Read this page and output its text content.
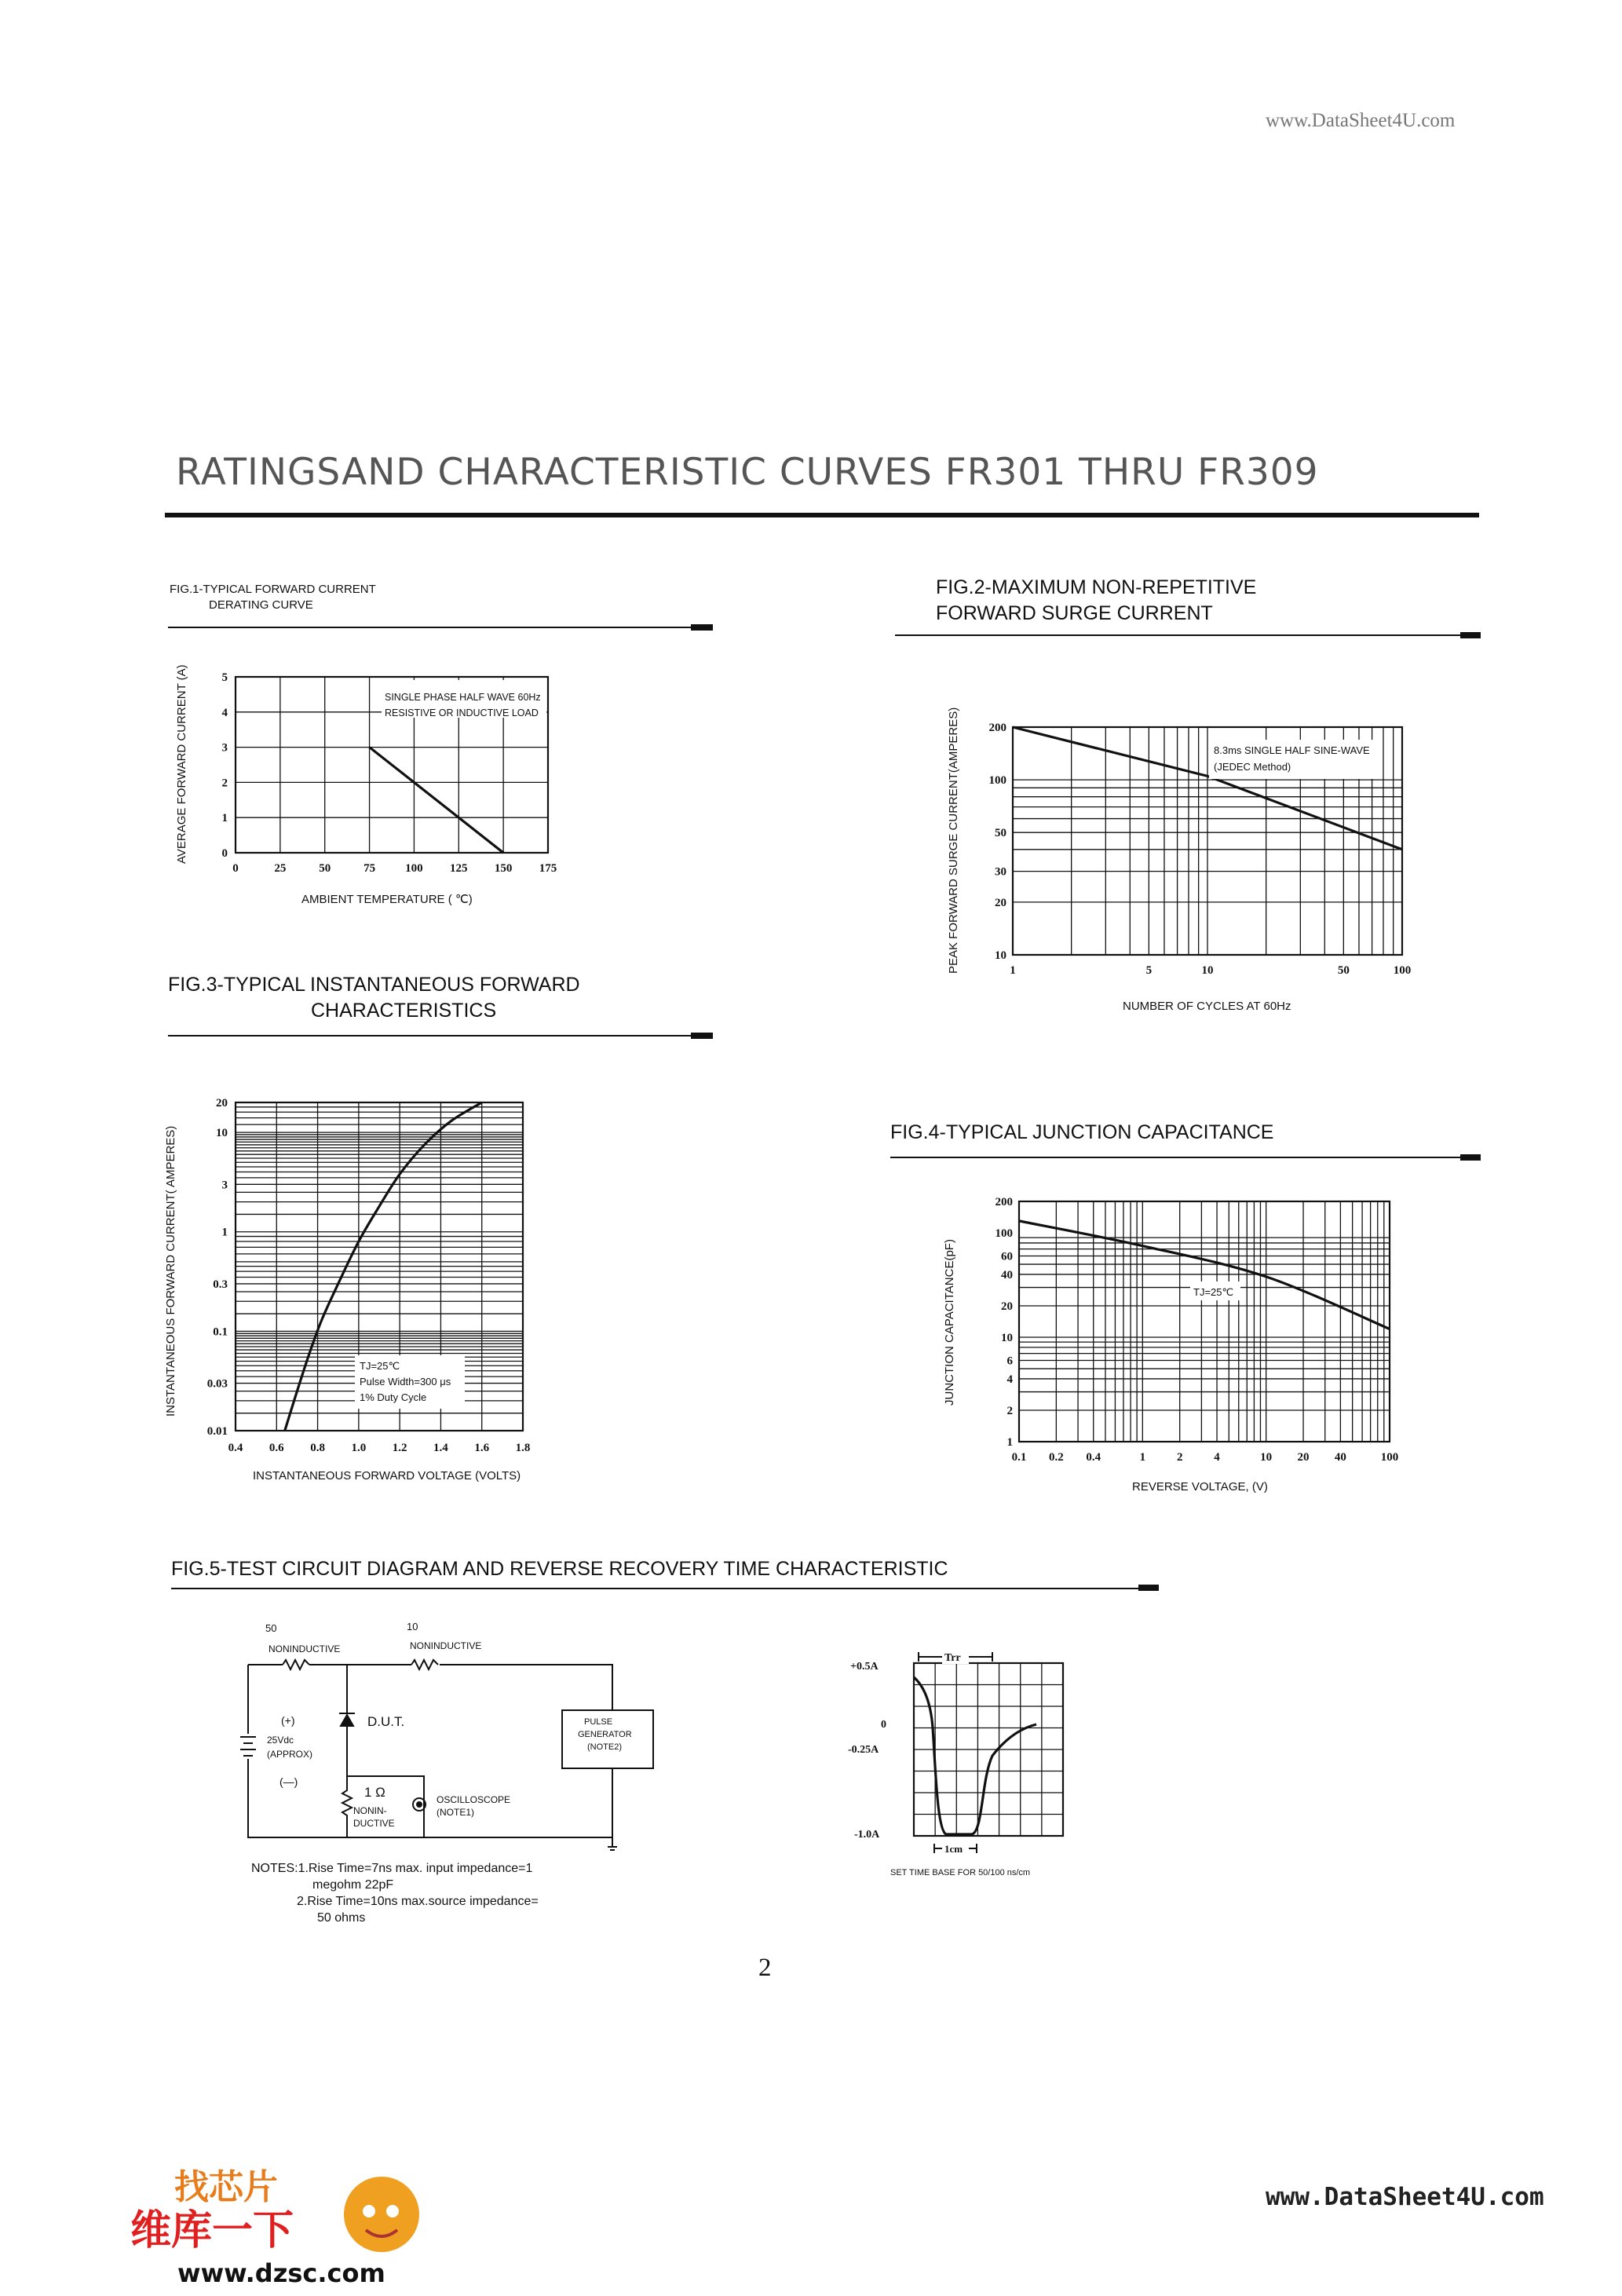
www.DataSheet4U.com
RATINGSAND CHARACTERISTIC CURVES FR301 THRU FR309
FIG.1-TYPICAL FORWARD CURRENT
DERATING CURVE
0	25	50	75	100 125 150 175
0
1
2
3
4
5
SINGLE PHASE HALF WAVE 60Hz
RESISTIVE OR INDUCTIVE LOAD
AMBIENT TEMPERATURE ( ℃)
AVERAGE FORWARD CURRENT (A)
FIG.2-MAXIMUM NON-REPETITIVE
FORWARD SURGE CURRENT
1	5	10	50	100
10
20
30
50
100
200
8.3ms SINGLE HALF SINE-WAVE
(JEDEC Method)
NUMBER OF CYCLES AT 60Hz
PEAK FORWARD SURGE CURRENT(AMPERES)
FIG.3-TYPICAL INSTANTANEOUS FORWARD
CHARACTERISTICS
0.4 0.6 0.8 1.0 1.2 1.4 1.6 1.8
0.01
0.03
0.1
0.3
1
3
10
20
TJ=25℃
Pulse Width=300 μs
1% Duty Cycle
INSTANTANEOUS FORWARD VOLTAGE (VOLTS)
INSTANTANEOUS FORWARD CURRENT( AMPERES)	FIG.4-TYPICAL JUNCTION CAPACITANCE
0.1 0.2 0.4	1	2	4	10 20 40	100
1
2
4
6
10
20
40
60
100
200
TJ=25℃
REVERSE VOLTAGE, (V)
JUNCTION CAPACITANCE(pF)
FIG.5-TEST CIRCUIT DIAGRAM AND REVERSE RECOVERY TIME CHARACTERISTIC
50
NONINDUCTIVE
10
NONINDUCTIVE
(+)
25Vdc
(APPROX)
(—)
D.U.T.	PULSE
GENERATOR
(NOTE2)
1 Ω
NONIN-
DUCTIVE
OSCILLOSCOPE
(NOTE1)
NOTES:1.Rise Time=7ns max. input impedance=1
megohm 22pF
2.Rise Time=10ns max.source impedance=
50 ohms
+0.5A
0
-0.25A
-1.0A
Trr
1cm
SET TIME BASE FOR 50/100 ns/cm
2
www.DataSheet4U.com
找芯片
维库一下
www.dzsc.com
